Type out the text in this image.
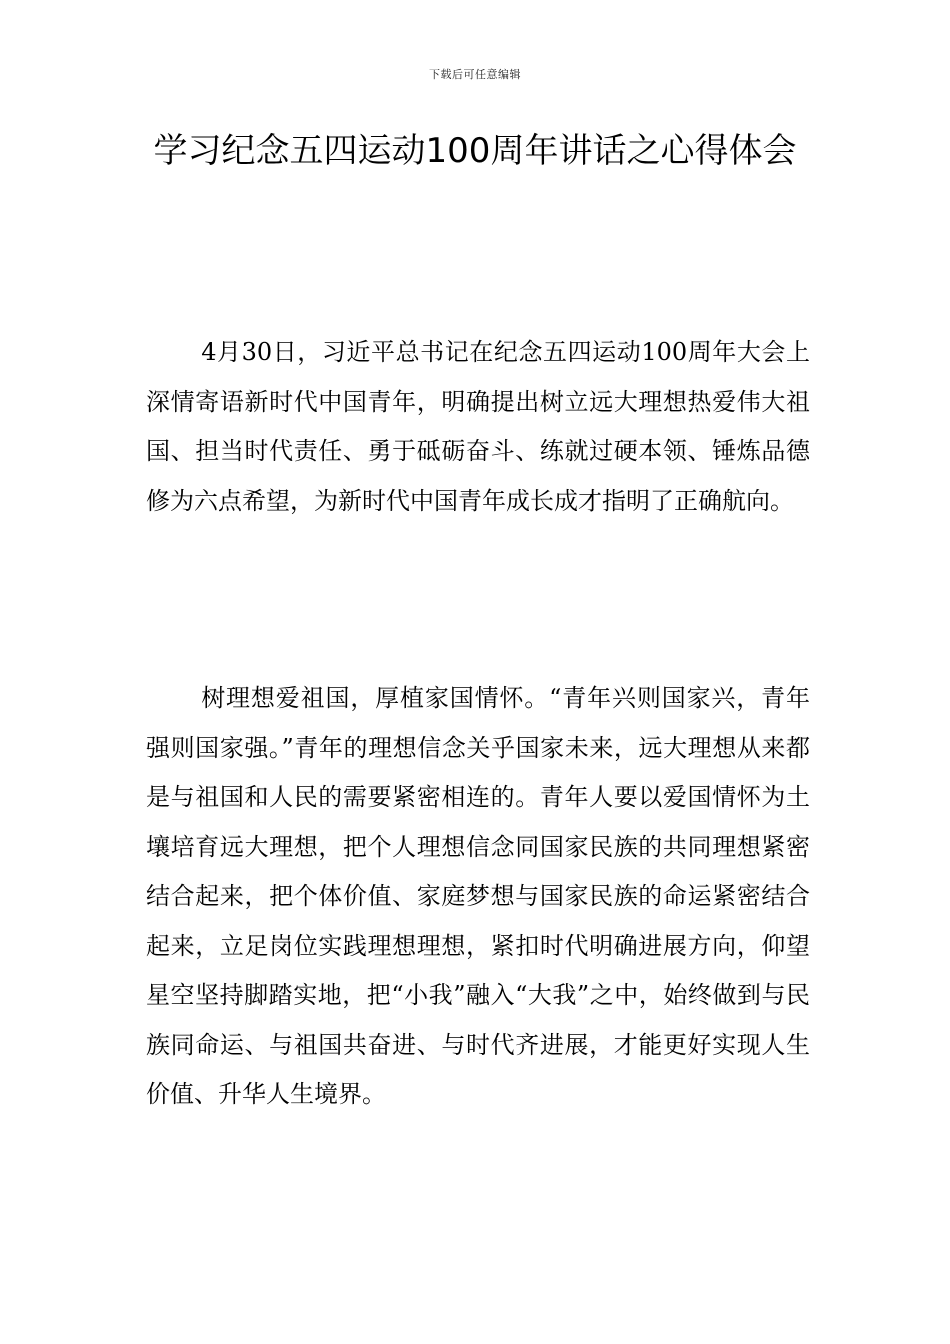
下载后可任意编辑
学习纪念五四运动100周年讲话之心得体会

4月30日，习近平总书记在纪念五四运动100周年大会上深情寄语新时代中国青年，明确提出树立远大理想热爱伟大祖国、担当时代责任、勇于砥砺奋斗、练就过硬本领、锤炼品德修为六点希望，为新时代中国青年成长成才指明了正确航向。

树理想爱祖国，厚植家国情怀。“青年兴则国家兴，青年强则国家强。”青年的理想信念关乎国家未来，远大理想从来都是与祖国和人民的需要紧密相连的。青年人要以爱国情怀为土壤培育远大理想，把个人理想信念同国家民族的共同理想紧密结合起来，把个体价值、家庭梦想与国家民族的命运紧密结合起来，立足岗位实践理想理想，紧扣时代明确进展方向，仰望星空坚持脚踏实地，把“小我”融入“大我”之中，始终做到与民族同命运、与祖国共奋进、与时代齐进展，才能更好实现人生价值、升华人生境界。
